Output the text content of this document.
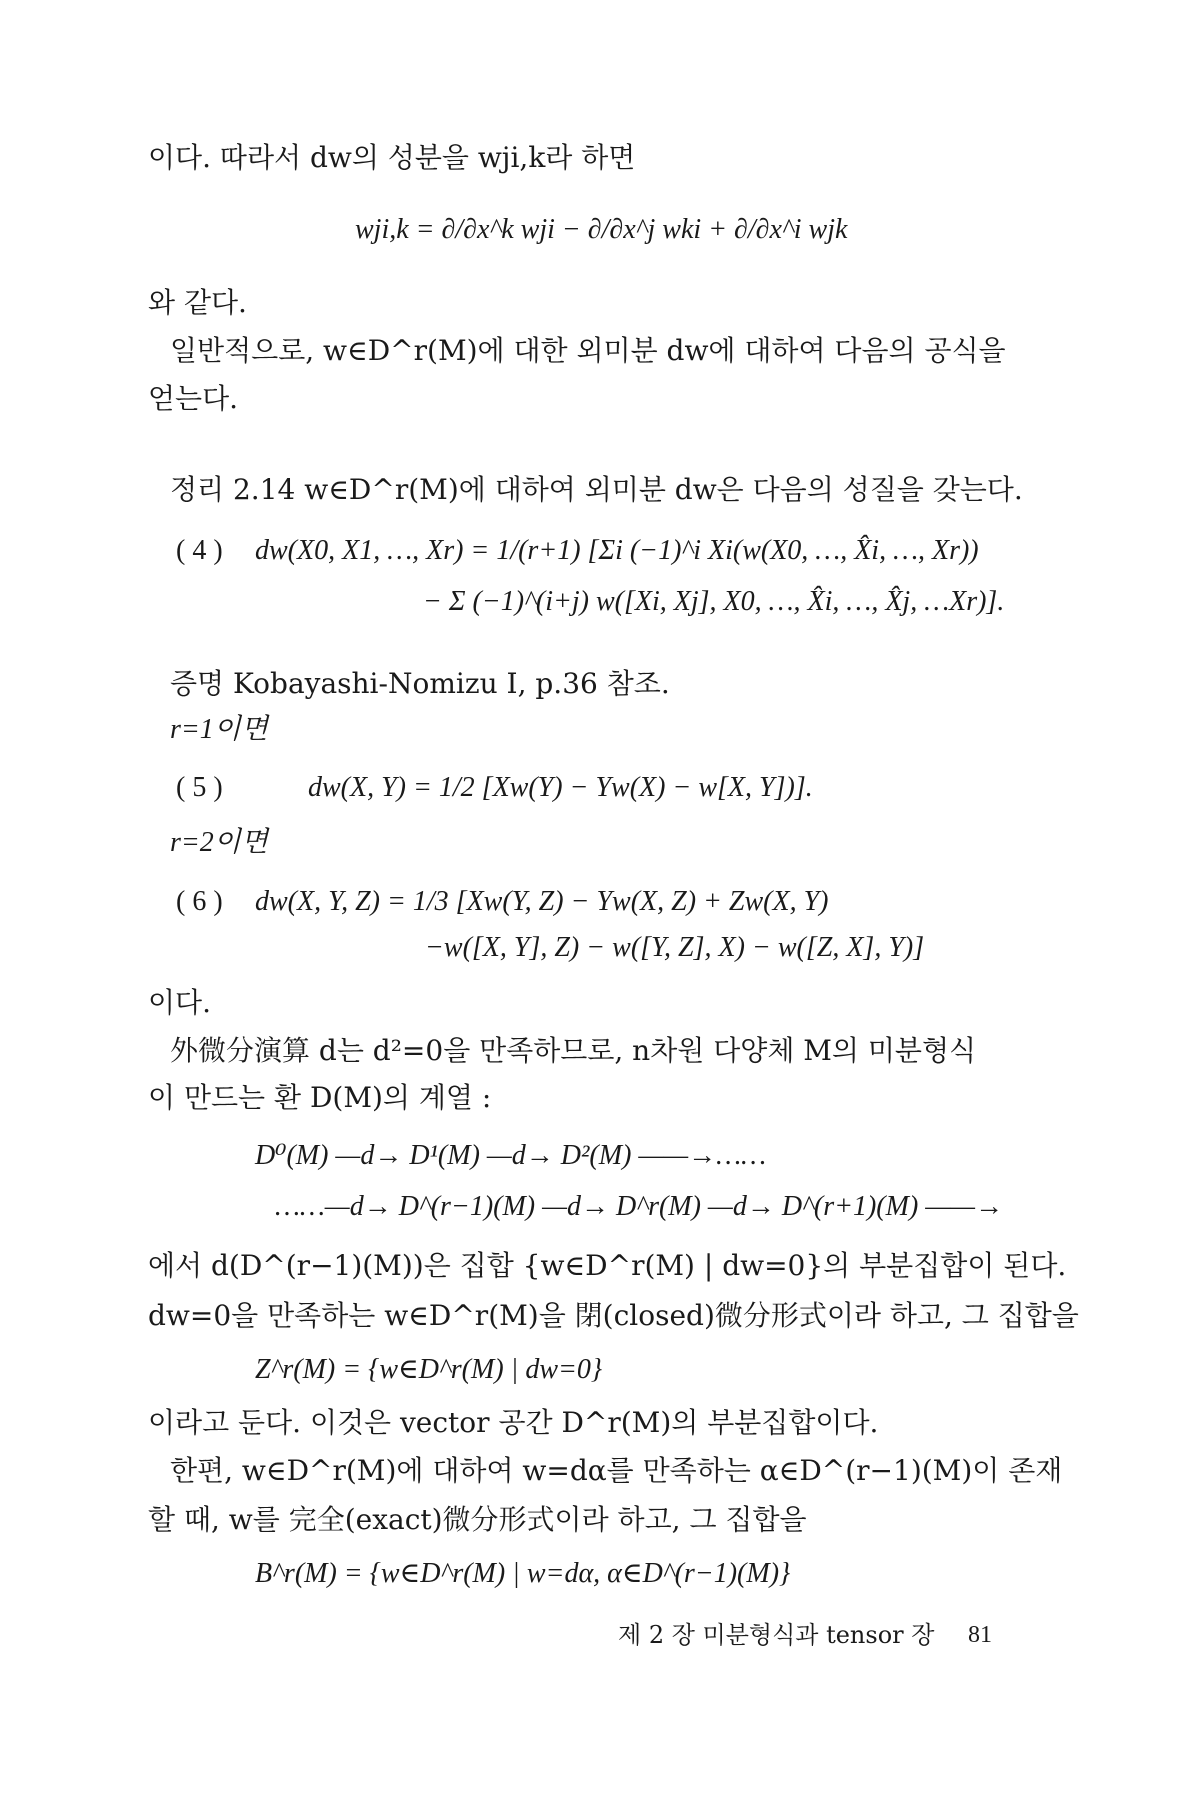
이다. 따라서 dw의 성분을 wji,k라 하면
wji,k = ∂/∂x^k wji − ∂/∂x^j wki + ∂/∂x^i wjk
와 같다.
일반적으로, w∈D^r(M)에 대한 외미분 dw에 대하여 다음의 공식을
얻는다.
정리 2.14 w∈D^r(M)에 대하여 외미분 dw은 다음의 성질을 갖는다.
( 4 ) dw(X0, X1, …, Xr) = 1/(r+1) [Σi (−1)^i Xi(w(X0, …, X̂i, …, Xr))
− Σ (−1)^(i+j) w([Xi, Xj], X0, …, X̂i, …, X̂j, …Xr)].
증명 Kobayashi-Nomizu Ⅰ, p.36 참조.
r=1이면
( 5 )	dw(X, Y) = 1/2 [Xw(Y) − Yw(X) − w[X, Y])].
r=2이면
( 6 ) dw(X, Y, Z) = 1/3 [Xw(Y, Z) − Yw(X, Z) + Zw(X, Y)
−w([X, Y], Z) − w([Y, Z], X) − w([Z, X], Y)]
이다.
外微分演算 d는 d²=0을 만족하므로, n차원 다양체 M의 미분형식
이 만드는 환 D(M)의 계열 :
D⁰(M) —d→ D¹(M) —d→ D²(M) ——→……
……—d→ D^(r−1)(M) —d→ D^r(M) —d→ D^(r+1)(M) ——→
에서 d(D^(r−1)(M))은 집합 {w∈D^r(M) | dw=0}의 부분집합이 된다.
dw=0을 만족하는 w∈D^r(M)을 閉(closed)微分形式이라 하고, 그 집합을
Z^r(M) = {w∈D^r(M) | dw=0}
이라고 둔다. 이것은 vector 공간 D^r(M)의 부분집합이다.
한편, w∈D^r(M)에 대하여 w=dα를 만족하는 α∈D^(r−1)(M)이 존재
할 때, w를 完全(exact)微分形式이라 하고, 그 집합을
B^r(M) = {w∈D^r(M) | w=dα, α∈D^(r−1)(M)}
제 2 장 미분형식과 tensor 장 81
